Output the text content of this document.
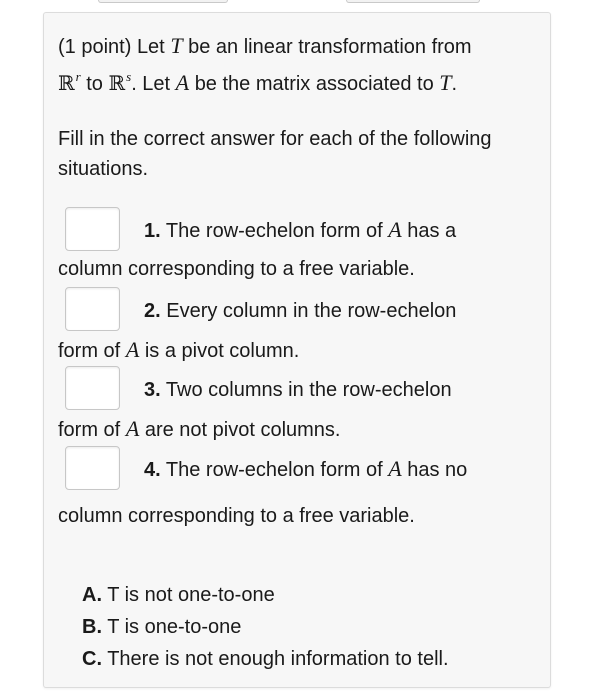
(1 point) Let T be an linear transformation from
ℝ$^r$ to ℝ$^s$. Let A be the matrix associated to T.
Fill in the correct answer for each of the following situations.
1. The row-echelon form of A has a
column corresponding to a free variable.
2. Every column in the row-echelon
form of A is a pivot column.
3. Two columns in the row-echelon
form of A are not pivot columns.
4. The row-echelon form of A has no
column corresponding to a free variable.
A. T is not one-to-one
B. T is one-to-one
C. There is not enough information to tell.
